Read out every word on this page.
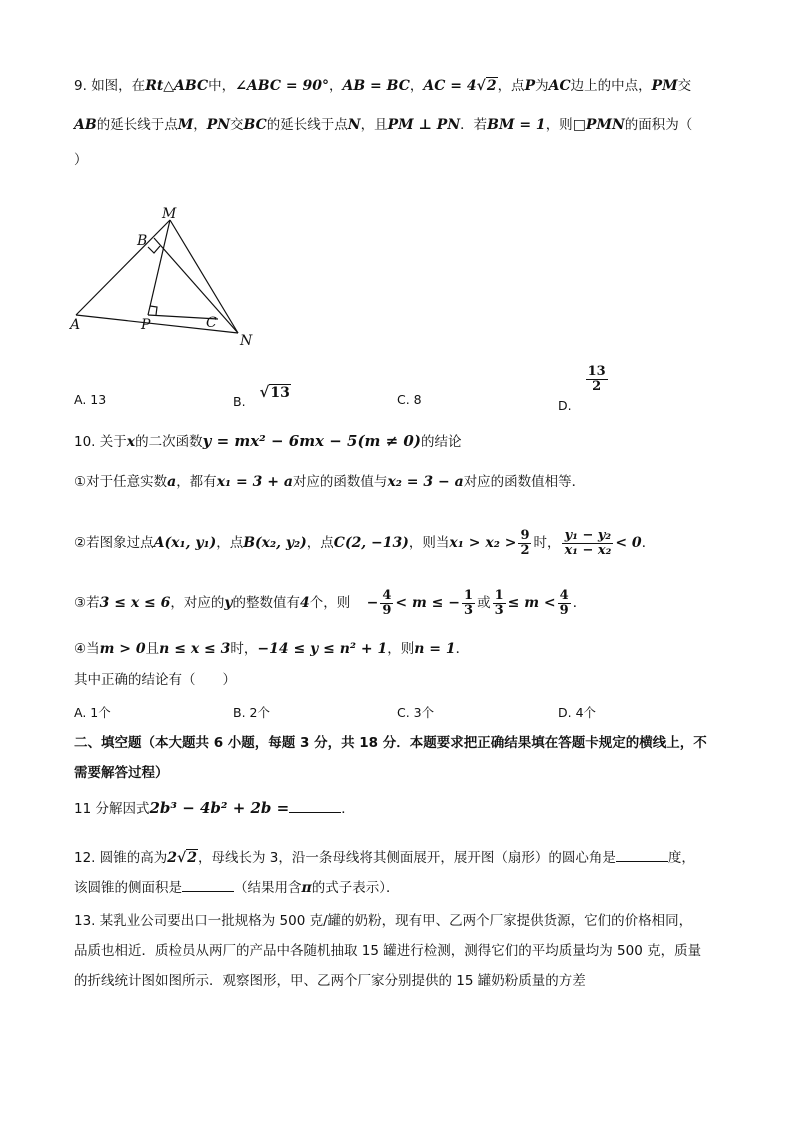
9. 如图，在Rt△ABC中，∠ABC = 90°，AB = BC，AC = 4√2，点P为AC边上的中点，PM交
AB的延长线于点M，PN交BC的延长线于点N，且PM ⊥ PN．若BM = 1，则□PMN的面积为（
）
M
B
A	P	C
N
A. 13	B. √13	C. 8	D.
$\frac{13}{2}$
10. 关于x的二次函数y = mx² − 6mx − 5(m ≠ 0)的结论
①对于任意实数a，都有x₁ = 3 + a对应的函数值与x₂ = 3 − a对应的函数值相等．
②若图象过点A(x₁, y₁)，点B(x₂, y₂)，点C(2, −13)，则当$x_1 > x_2 > \frac{9}{2}$ 时， $\frac{\text{y₁ − y₂}}{\text{x₁ − x₂}} < 0$．
③若3 ≤ x ≤ 6，对应的y的整数值有4个，则 − $\frac{4}{9} < m$ ≤ − $\frac{1}{3}$ 或 $\frac{1}{3} \le m < \frac{4}{9}$ ．
④当m > 0且n ≤ x ≤ 3时，−14 ≤ y ≤ n² + 1，则n = 1．
其中正确的结论有（　　）
A. 1个	B. 2个	C. 3个	D. 4个
二、填空题（本大题共 6 小题，每题 3 分，共 18 分．本题要求把正确结果填在答题卡规定的横线上，不
需要解答过程）
11 分解因式2b³ − 4b² + 2b =	．
12. 圆锥的高为2√2，母线长为 3，沿一条母线将其侧面展开，展开图（扇形）的圆心角是	度，
该圆锥的侧面积是	（结果用含π的式子表示）．
13. 某乳业公司要出口一批规格为 500 克/罐的奶粉，现有甲、乙两个厂家提供货源，它们的价格相同，
品质也相近．质检员从两厂的产品中各随机抽取 15 罐进行检测，测得它们的平均质量均为 500 克，质量
的折线统计图如图所示．观察图形，甲、乙两个厂家分别提供的 15 罐奶粉质量的方差
